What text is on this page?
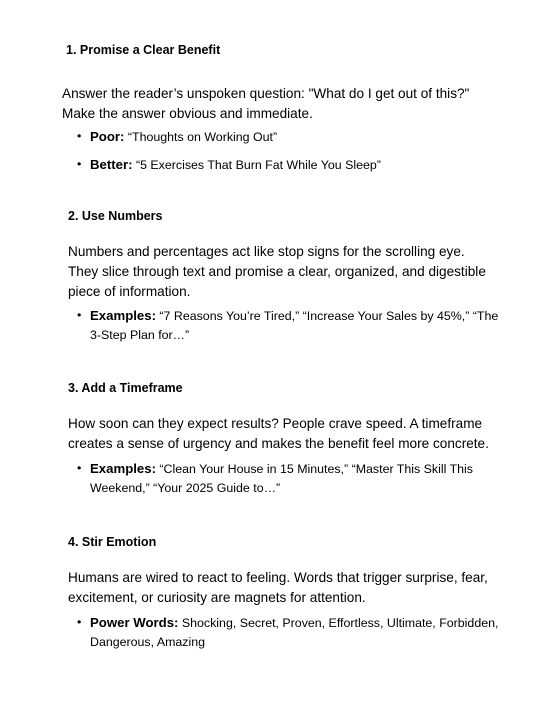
1. Promise a Clear Benefit

Answer the reader’s unspoken question: "What do I get out of this?" Make the answer obvious and immediate.

• Poor: “Thoughts on Working Out”
• Better: “5 Exercises That Burn Fat While You Sleep”
2. Use Numbers

Numbers and percentages act like stop signs for the scrolling eye. They slice through text and promise a clear, organized, and digestible piece of information.

• Examples: “7 Reasons You’re Tired,” “Increase Your Sales by 45%,” “The 3-Step Plan for…”
3. Add a Timeframe

How soon can they expect results? People crave speed. A timeframe creates a sense of urgency and makes the benefit feel more concrete.

• Examples: “Clean Your House in 15 Minutes,” “Master This Skill This Weekend,” “Your 2025 Guide to…”
4. Stir Emotion

Humans are wired to react to feeling. Words that trigger surprise, fear, excitement, or curiosity are magnets for attention.

• Power Words: Shocking, Secret, Proven, Effortless, Ultimate, Forbidden, Dangerous, Amazing
